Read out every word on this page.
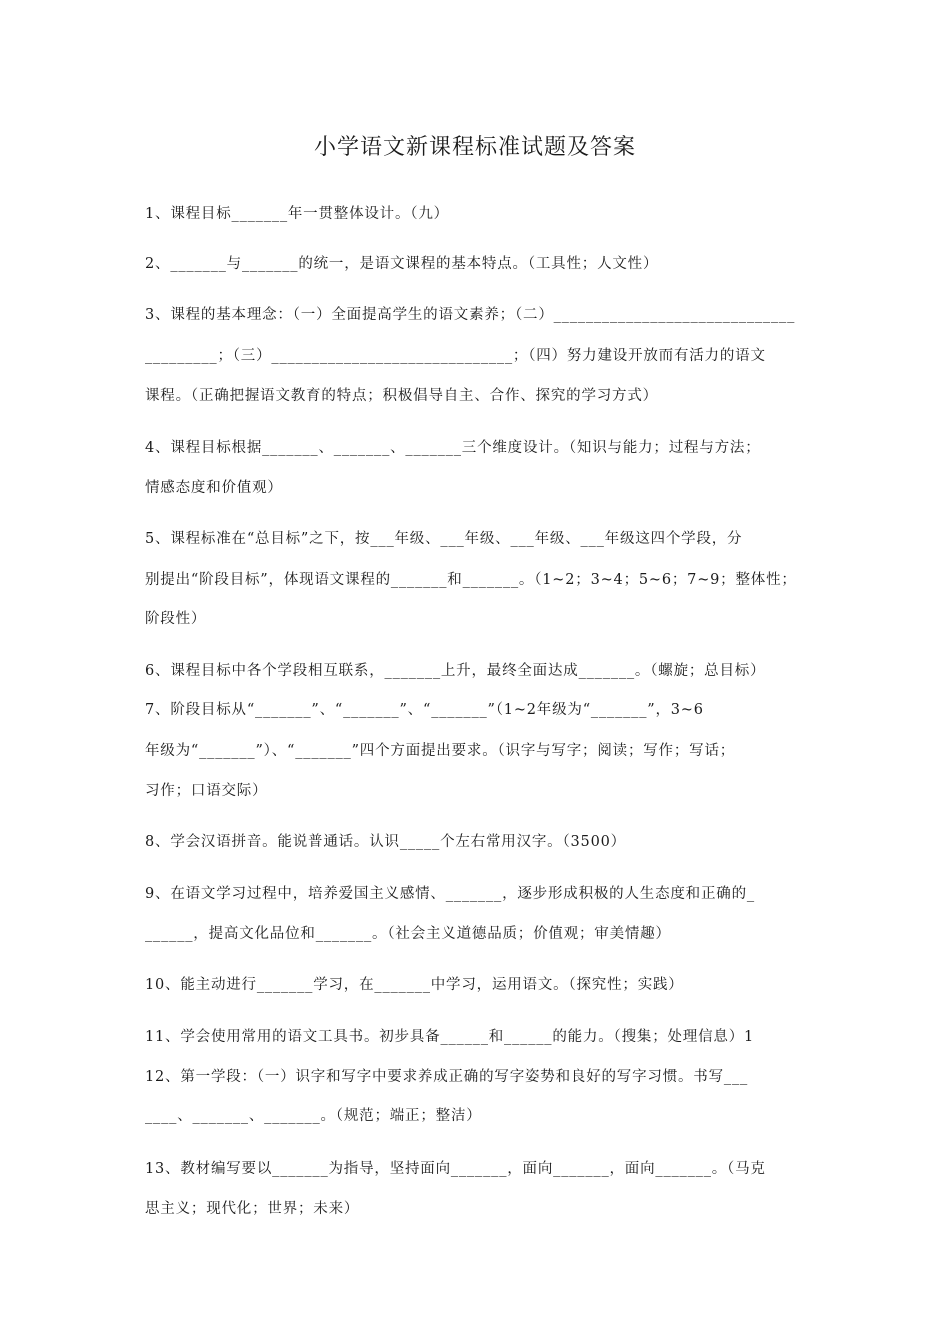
小学语文新课程标准试题及答案
1、课程目标_______年一贯整体设计。（九）
2、_______与_______的统一，是语文课程的基本特点。（工具性；人文性）
3、课程的基本理念：（一）全面提高学生的语文素养；（二）______________________________
_________；（三）______________________________；（四）努力建设开放而有活力的语文
课程。（正确把握语文教育的特点；积极倡导自主、合作、探究的学习方式）
4、课程目标根据_______、_______、_______三个维度设计。（知识与能力；过程与方法；
情感态度和价值观）
5、课程标准在“总目标”之下，按___年级、___年级、___年级、___年级这四个学段，分
别提出“阶段目标”，体现语文课程的_______和_______。（1~2；3~4；5~6；7~9；整体性；
阶段性）
6、课程目标中各个学段相互联系，_______上升，最终全面达成_______。（螺旋；总目标）
7、阶段目标从“_______”、“_______”、“_______”（1~2年级为“_______”，3~6
年级为“_______”）、“_______”四个方面提出要求。（识字与写字；阅读；写作；写话；
习作；口语交际）
8、学会汉语拼音。能说普通话。认识_____个左右常用汉字。（3500）
9、在语文学习过程中，培养爱国主义感情、_______，逐步形成积极的人生态度和正确的_
______，提高文化品位和_______。（社会主义道德品质；价值观；审美情趣）
10、能主动进行_______学习，在_______中学习，运用语文。（探究性；实践）
11、学会使用常用的语文工具书。初步具备______和______的能力。（搜集；处理信息）1
12、第一学段：（一）识字和写字中要求养成正确的写字姿势和良好的写字习惯。书写___
____、_______、_______。（规范；端正；整洁）
13、教材编写要以_______为指导，坚持面向_______，面向_______，面向_______。（马克
思主义；现代化；世界；未来）
